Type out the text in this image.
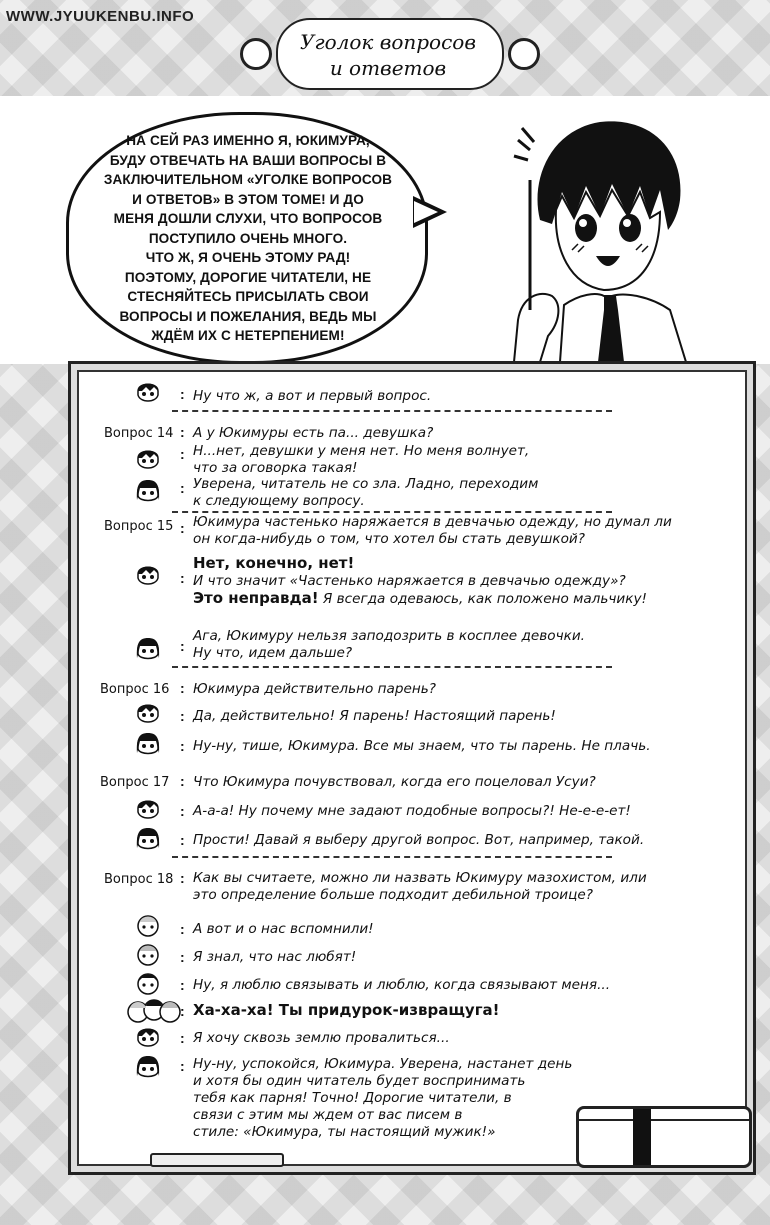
WWW.JYUUKENBU.INFO
Уголок вопросов
и ответов
НА СЕЙ РАЗ ИМЕННО Я, ЮКИМУРА,
БУДУ ОТВЕЧАТЬ НА ВАШИ ВОПРОСЫ В
ЗАКЛЮЧИТЕЛЬНОМ «УГОЛКЕ ВОПРОСОВ
И ОТВЕТОВ» В ЭТОМ ТОМЕ! И ДО
МЕНЯ ДОШЛИ СЛУХИ, ЧТО ВОПРОСОВ
ПОСТУПИЛО ОЧЕНЬ МНОГО.
ЧТО Ж, Я ОЧЕНЬ ЭТОМУ РАД!
ПОЭТОМУ, ДОРОГИЕ ЧИТАТЕЛИ, НЕ
СТЕСНЯЙТЕСЬ ПРИСЫЛАТЬ СВОИ
ВОПРОСЫ И ПОЖЕЛАНИЯ, ВЕДЬ МЫ
ЖДЁМ ИХ С НЕТЕРПЕНИЕМ!
: Ну что ж, а вот и первый вопрос.
Вопрос 14 : А у Юкимуры есть па... девушка?
: Н...нет, девушки у меня нет. Но меня волнует,
что за оговорка такая!
: Уверена, читатель не со зла. Ладно, переходим
к следующему вопросу.
Вопрос 15 : Юкимура частенько наряжается в девчачью одежду, но думал ли
он когда-нибудь о том, что хотел бы стать девушкой?
:
Нет, конечно, нет!
И что значит «Частенько наряжается в девчачью одежду»?
Это неправда! Я всегда одеваюсь, как положено мальчику!
:
Ага, Юкимуру нельзя заподозрить в косплее девочки.
Ну что, идем дальше?
Вопрос 16 : Юкимура действительно парень?
: Да, действительно! Я парень! Настоящий парень!
: Ну-ну, тише, Юкимура. Все мы знаем, что ты парень. Не плачь.
Вопрос 17 : Что Юкимура почувствовал, когда его поцеловал Усуи?
: А-а-а! Ну почему мне задают подобные вопросы?! Не-е-е-ет!
: Прости! Давай я выберу другой вопрос. Вот, например, такой.
Вопрос 18 : Как вы считаете, можно ли назвать Юкимуру мазохистом, или
это определение больше подходит дебильной троице?
: А вот и о нас вспомнили!
: Я знал, что нас любят!
: Ну, я люблю связывать и люблю, когда связывают меня...
: Ха-ха-ха! Ты придурок-извращуга!
: Я хочу сквозь землю провалиться...
: Ну-ну, успокойся, Юкимура. Уверена, настанет день
и хотя бы один читатель будет воспринимать
тебя как парня! Точно! Дорогие читатели, в
связи с этим мы ждем от вас писем в
стиле: «Юкимура, ты настоящий мужик!»
